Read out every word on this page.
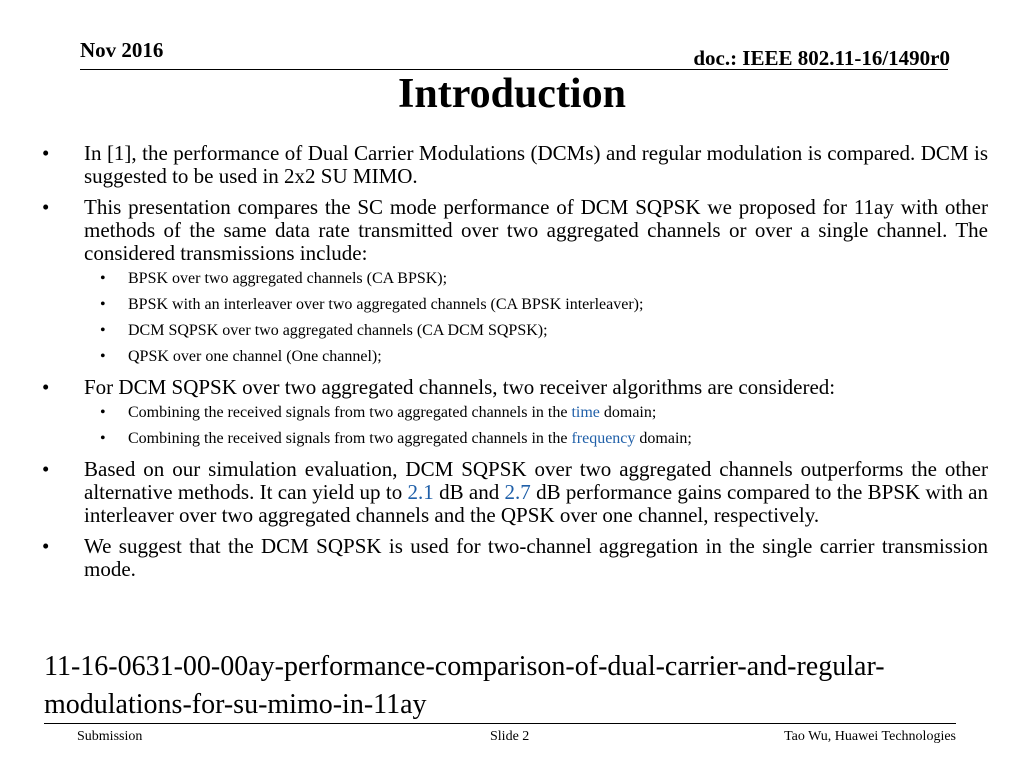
Nov 2016	doc.: IEEE 802.11-16/1490r0
Introduction
• In [1], the performance of Dual Carrier Modulations (DCMs) and regular modulation is compared. DCM is suggested to be used in 2x2 SU MIMO.
• This presentation compares the SC mode performance of DCM SQPSK we proposed for 11ay with other methods of the same data rate transmitted over two aggregated channels or over a single channel. The considered transmissions include:
• BPSK over two aggregated channels (CA BPSK);
• BPSK with an interleaver over two aggregated channels (CA BPSK interleaver);
• DCM SQPSK over two aggregated channels (CA DCM SQPSK);
• QPSK over one channel (One channel);
• For DCM SQPSK over two aggregated channels, two receiver algorithms are considered:
• Combining the received signals from two aggregated channels in the time domain;
• Combining the received signals from two aggregated channels in the frequency domain;
• Based on our simulation evaluation, DCM SQPSK over two aggregated channels outperforms the other alternative methods. It can yield up to 2.1 dB and 2.7 dB performance gains compared to the BPSK with an interleaver over two aggregated channels and the QPSK over one channel, respectively.
• We suggest that the DCM SQPSK is used for two-channel aggregation in the single carrier transmission mode.
11-16-0631-00-00ay-performance-comparison-of-dual-carrier-and-regular-modulations-for-su-mimo-in-11ay
Submission	Slide 2	Tao Wu, Huawei Technologies
